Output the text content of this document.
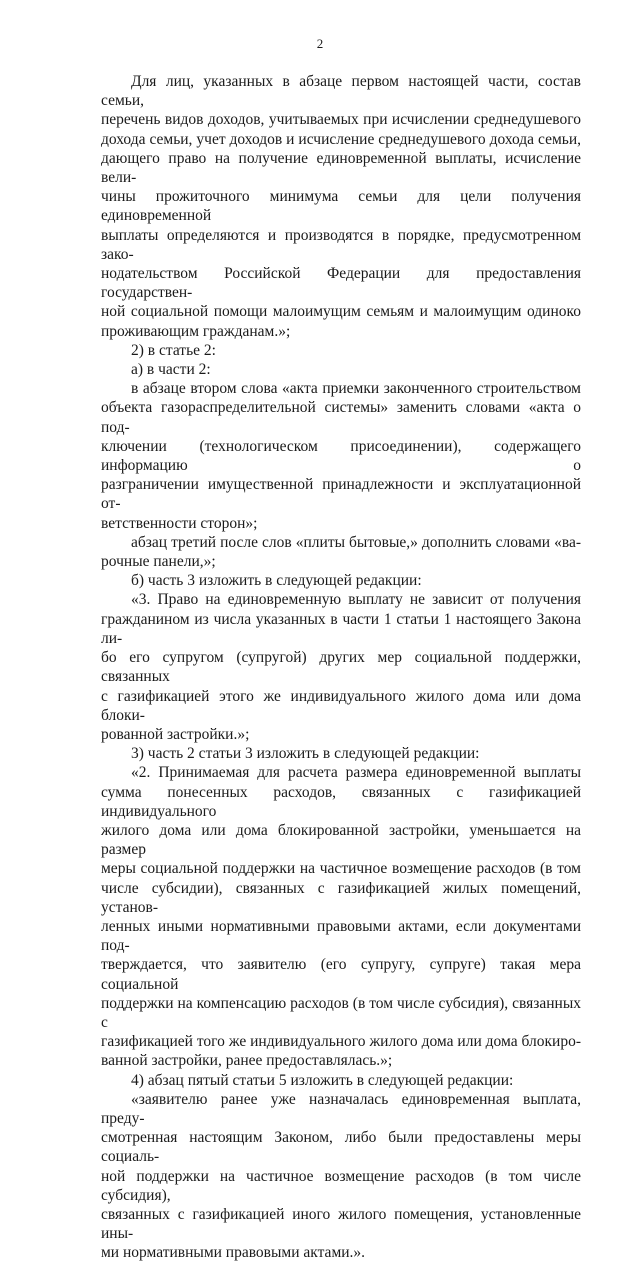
2

Для лиц, указанных в абзаце первом настоящей части, состав семьи,

перечень видов доходов, учитываемых при исчислении среднедушевого

дохода семьи, учет доходов и исчисление среднедушевого дохода семьи,

дающего право на получение единовременной выплаты, исчисление вели-

чины прожиточного минимума семьи для цели получения единовременной

выплаты определяются и производятся в порядке, предусмотренном зако-

нодательством Российской Федерации для предоставления государствен-

ной социальной помощи малоимущим семьям и малоимущим одиноко

проживающим гражданам.»;

2) в статье 2:

а) в части 2:

в абзаце втором слова «акта приемки законченного строительством

объекта газораспределительной системы» заменить словами «акта о под-

ключении (технологическом присоединении), содержащего информацию о

разграничении имущественной принадлежности и эксплуатационной от-

ветственности сторон»;

абзац третий после слов «плиты бытовые,» дополнить словами «ва-

рочные панели,»;

б) часть 3 изложить в следующей редакции:

«3. Право на единовременную выплату не зависит от получения

гражданином из числа указанных в части 1 статьи 1 настоящего Закона ли-

бо его супругом (супругой) других мер социальной поддержки, связанных

с газификацией этого же индивидуального жилого дома или дома блоки-

рованной застройки.»;

3) часть 2 статьи 3 изложить в следующей редакции:

«2. Принимаемая для расчета размера единовременной выплаты

сумма понесенных расходов, связанных с газификацией индивидуального

жилого дома или дома блокированной застройки, уменьшается на размер

меры социальной поддержки на частичное возмещение расходов (в том

числе субсидии), связанных с газификацией жилых помещений, установ-

ленных иными нормативными правовыми актами, если документами под-

тверждается, что заявителю (его супругу, супруге) такая мера социальной

поддержки на компенсацию расходов (в том числе субсидия), связанных с

газификацией того же индивидуального жилого дома или дома блокиро-

ванной застройки, ранее предоставлялась.»;

4) абзац пятый статьи 5 изложить в следующей редакции:

«заявителю ранее уже назначалась единовременная выплата, преду-

смотренная настоящим Законом, либо были предоставлены меры социаль-

ной поддержки на частичное возмещение расходов (в том числе субсидия),

связанных с газификацией иного жилого помещения, установленные ины-

ми нормативными правовыми актами.».
